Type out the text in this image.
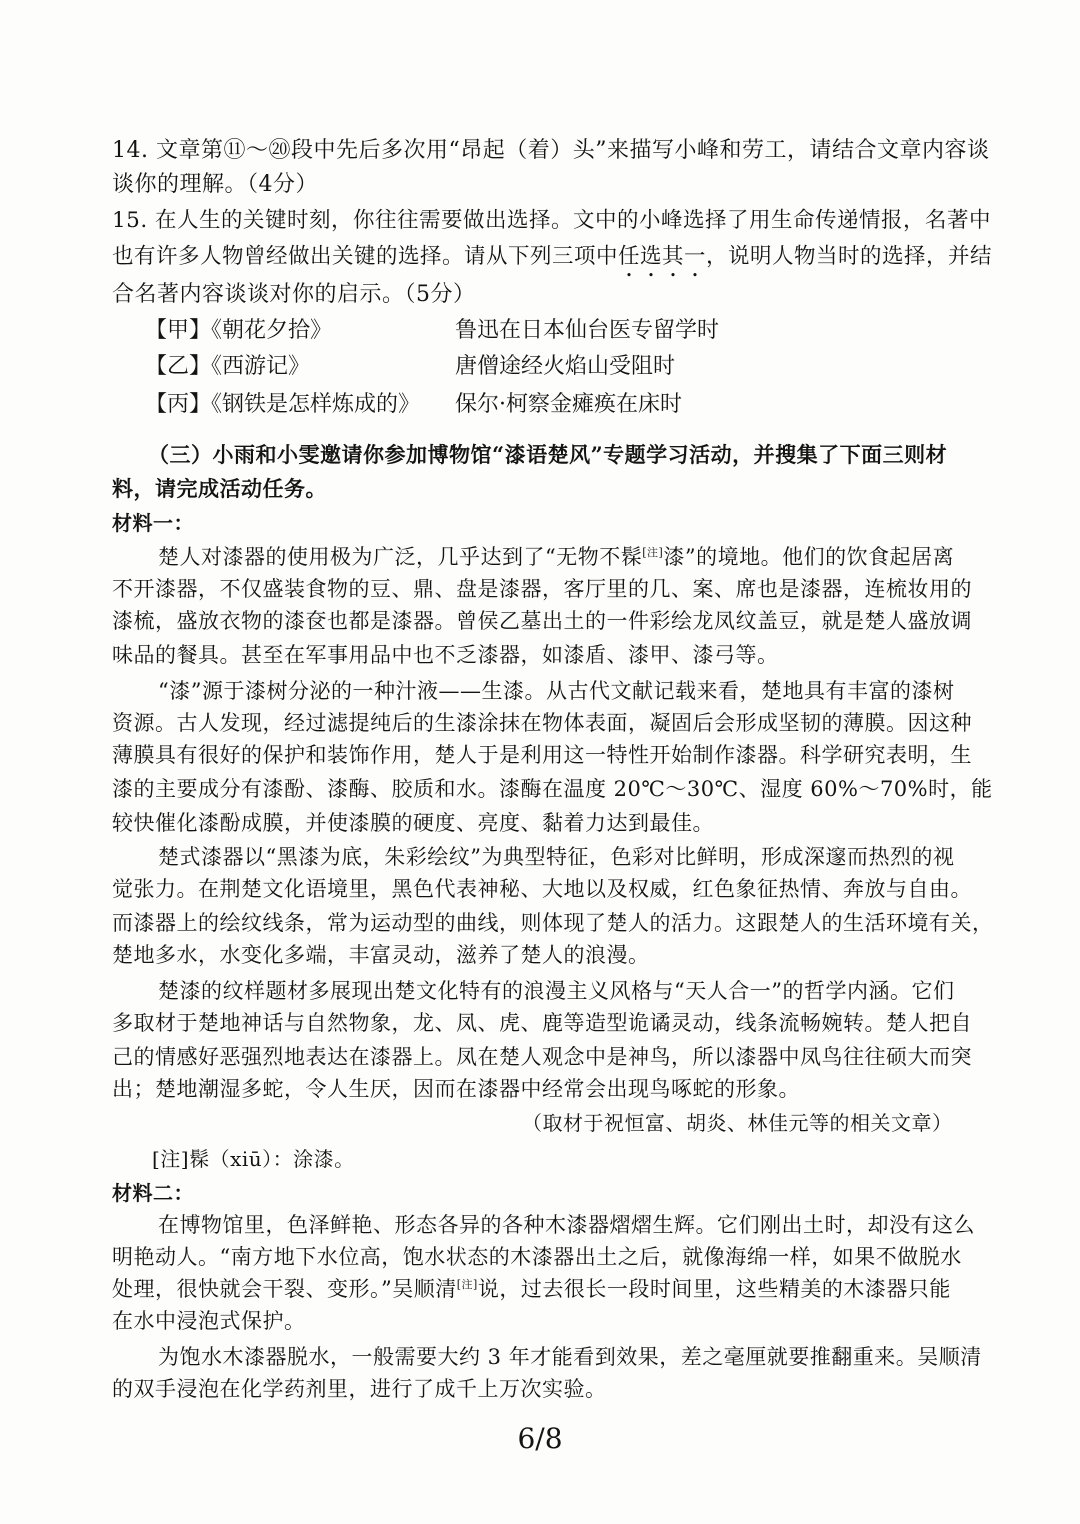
14. 文章第⑪～⑳段中先后多次用“昂起（着）头”来描写小峰和劳工，请结合文章内容谈
谈你的理解。（4分）
15. 在人生的关键时刻，你往往需要做出选择。文中的小峰选择了用生命传递情报，名著中
也有许多人物曾经做出关键的选择。请从下列三项中任选其一，说明人物当时的选择，并结
合名著内容谈谈对你的启示。（5分）
【甲】《朝花夕拾》	鲁迅在日本仙台医专留学时
【乙】《西游记》	唐僧途经火焰山受阻时
【丙】《钢铁是怎样炼成的》 保尔·柯察金瘫痪在床时
（三）小雨和小雯邀请你参加博物馆“漆语楚风”专题学习活动，并搜集了下面三则材
料，请完成活动任务。
材料一：
楚人对漆器的使用极为广泛，几乎达到了“无物不髹[注]漆”的境地。他们的饮食起居离
不开漆器，不仅盛装食物的豆、鼎、盘是漆器，客厅里的几、案、席也是漆器，连梳妆用的
漆梳，盛放衣物的漆奁也都是漆器。曾侯乙墓出土的一件彩绘龙凤纹盖豆，就是楚人盛放调
味品的餐具。甚至在军事用品中也不乏漆器，如漆盾、漆甲、漆弓等。
“漆”源于漆树分泌的一种汁液——生漆。从古代文献记载来看，楚地具有丰富的漆树
资源。古人发现，经过滤提纯后的生漆涂抹在物体表面，凝固后会形成坚韧的薄膜。因这种
薄膜具有很好的保护和装饰作用，楚人于是利用这一特性开始制作漆器。科学研究表明，生
漆的主要成分有漆酚、漆酶、胶质和水。漆酶在温度 20℃～30℃、湿度 60%～70%时，能
较快催化漆酚成膜，并使漆膜的硬度、亮度、黏着力达到最佳。
楚式漆器以“黑漆为底，朱彩绘纹”为典型特征，色彩对比鲜明，形成深邃而热烈的视
觉张力。在荆楚文化语境里，黑色代表神秘、大地以及权威，红色象征热情、奔放与自由。
而漆器上的绘纹线条，常为运动型的曲线，则体现了楚人的活力。这跟楚人的生活环境有关，
楚地多水，水变化多端，丰富灵动，滋养了楚人的浪漫。
楚漆的纹样题材多展现出楚文化特有的浪漫主义风格与“天人合一”的哲学内涵。它们
多取材于楚地神话与自然物象，龙、凤、虎、鹿等造型诡谲灵动，线条流畅婉转。楚人把自
己的情感好恶强烈地表达在漆器上。凤在楚人观念中是神鸟，所以漆器中凤鸟往往硕大而突
出；楚地潮湿多蛇，令人生厌，因而在漆器中经常会出现鸟啄蛇的形象。
（取材于祝恒富、胡炎、林佳元等的相关文章）
[注]髹（xiū）：涂漆。
材料二：
在博物馆里，色泽鲜艳、形态各异的各种木漆器熠熠生辉。它们刚出土时，却没有这么
明艳动人。“南方地下水位高，饱水状态的木漆器出土之后，就像海绵一样，如果不做脱水
处理，很快就会干裂、变形。”吴顺清[注]说，过去很长一段时间里，这些精美的木漆器只能
在水中浸泡式保护。
为饱水木漆器脱水，一般需要大约 3 年才能看到效果，差之毫厘就要推翻重来。吴顺清
的双手浸泡在化学药剂里，进行了成千上万次实验。
6/8
